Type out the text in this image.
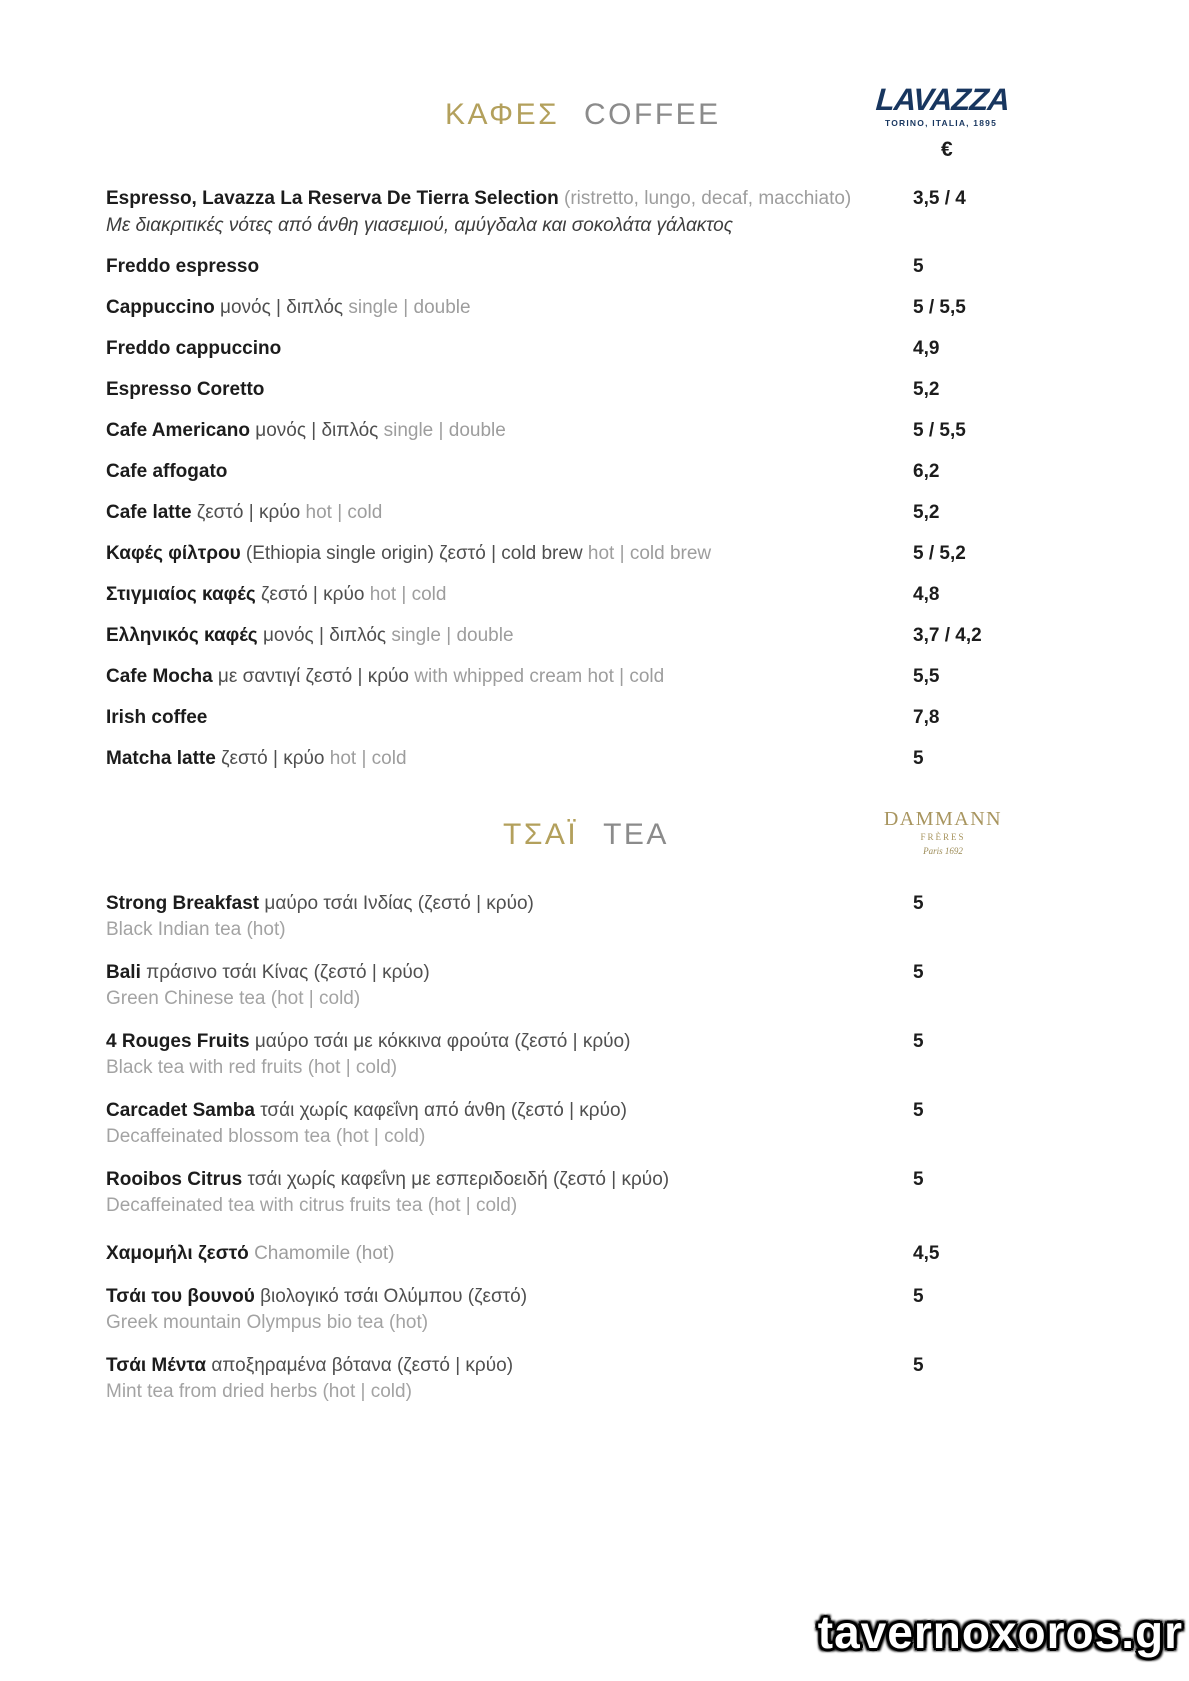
ΚΑΦΕΣ COFFEE	LAVAZZA
TORINO, ITALIA, 1895
€
Espresso, Lavazza La Reserva De Tierra Selection (ristretto, lungo, decaf, macchiato)	3,5 / 4
Με διακριτικές νότες από άνθη γιασεμιού, αμύγδαλα και σοκολάτα γάλακτος
Freddo espresso	5
Cappuccino μονός | διπλός single | double	5 / 5,5
Freddo cappuccino	4,9
Espresso Coretto	5,2
Cafe Americano μονός | διπλός single | double	5 / 5,5
Cafe affogato	6,2
Cafe latte ζεστό | κρύο hot | cold	5,2
Καφές φίλτρου (Ethiopia single origin) ζεστό | cold brew hot | cold brew	5 / 5,2
Στιγμιαίος καφές ζεστό | κρύο hot | cold	4,8
Ελληνικός καφές μονός | διπλός single | double	3,7 / 4,2
Cafe Mocha με σαντιγί ζεστό | κρύο with whipped cream hot | cold	5,5
Irish coffee	7,8
Matcha latte ζεστό | κρύο hot | cold	5
ΤΣΑΪ TEA	DAMMANN
FRÈRES
Paris 1692
Strong Breakfast μαύρο τσάι Ινδίας (ζεστό | κρύο)	5
Black Indian tea (hot)
Bali πράσινο τσάι Κίνας (ζεστό | κρύο)	5
Green Chinese tea (hot | cold)
4 Rouges Fruits μαύρο τσάι με κόκκινα φρούτα (ζεστό | κρύο)	5
Black tea with red fruits (hot | cold)
Carcadet Samba τσάι χωρίς καφεΐνη από άνθη (ζεστό | κρύο)	5
Decaffeinated blossom tea (hot | cold)
Rooibos Citrus τσάι χωρίς καφεΐνη με εσπεριδοειδή (ζεστό | κρύο)	5
Decaffeinated tea with citrus fruits tea (hot | cold)
Χαμομήλι ζεστό Chamomile (hot)	4,5
Τσάι του βουνού βιολογικό τσάι Ολύμπου (ζεστό)	5
Greek mountain Olympus bio tea (hot)
Τσάι Μέντα αποξηραμένα βότανα (ζεστό | κρύο)	5
Mint tea from dried herbs (hot | cold)
tavernoxoros.gr
